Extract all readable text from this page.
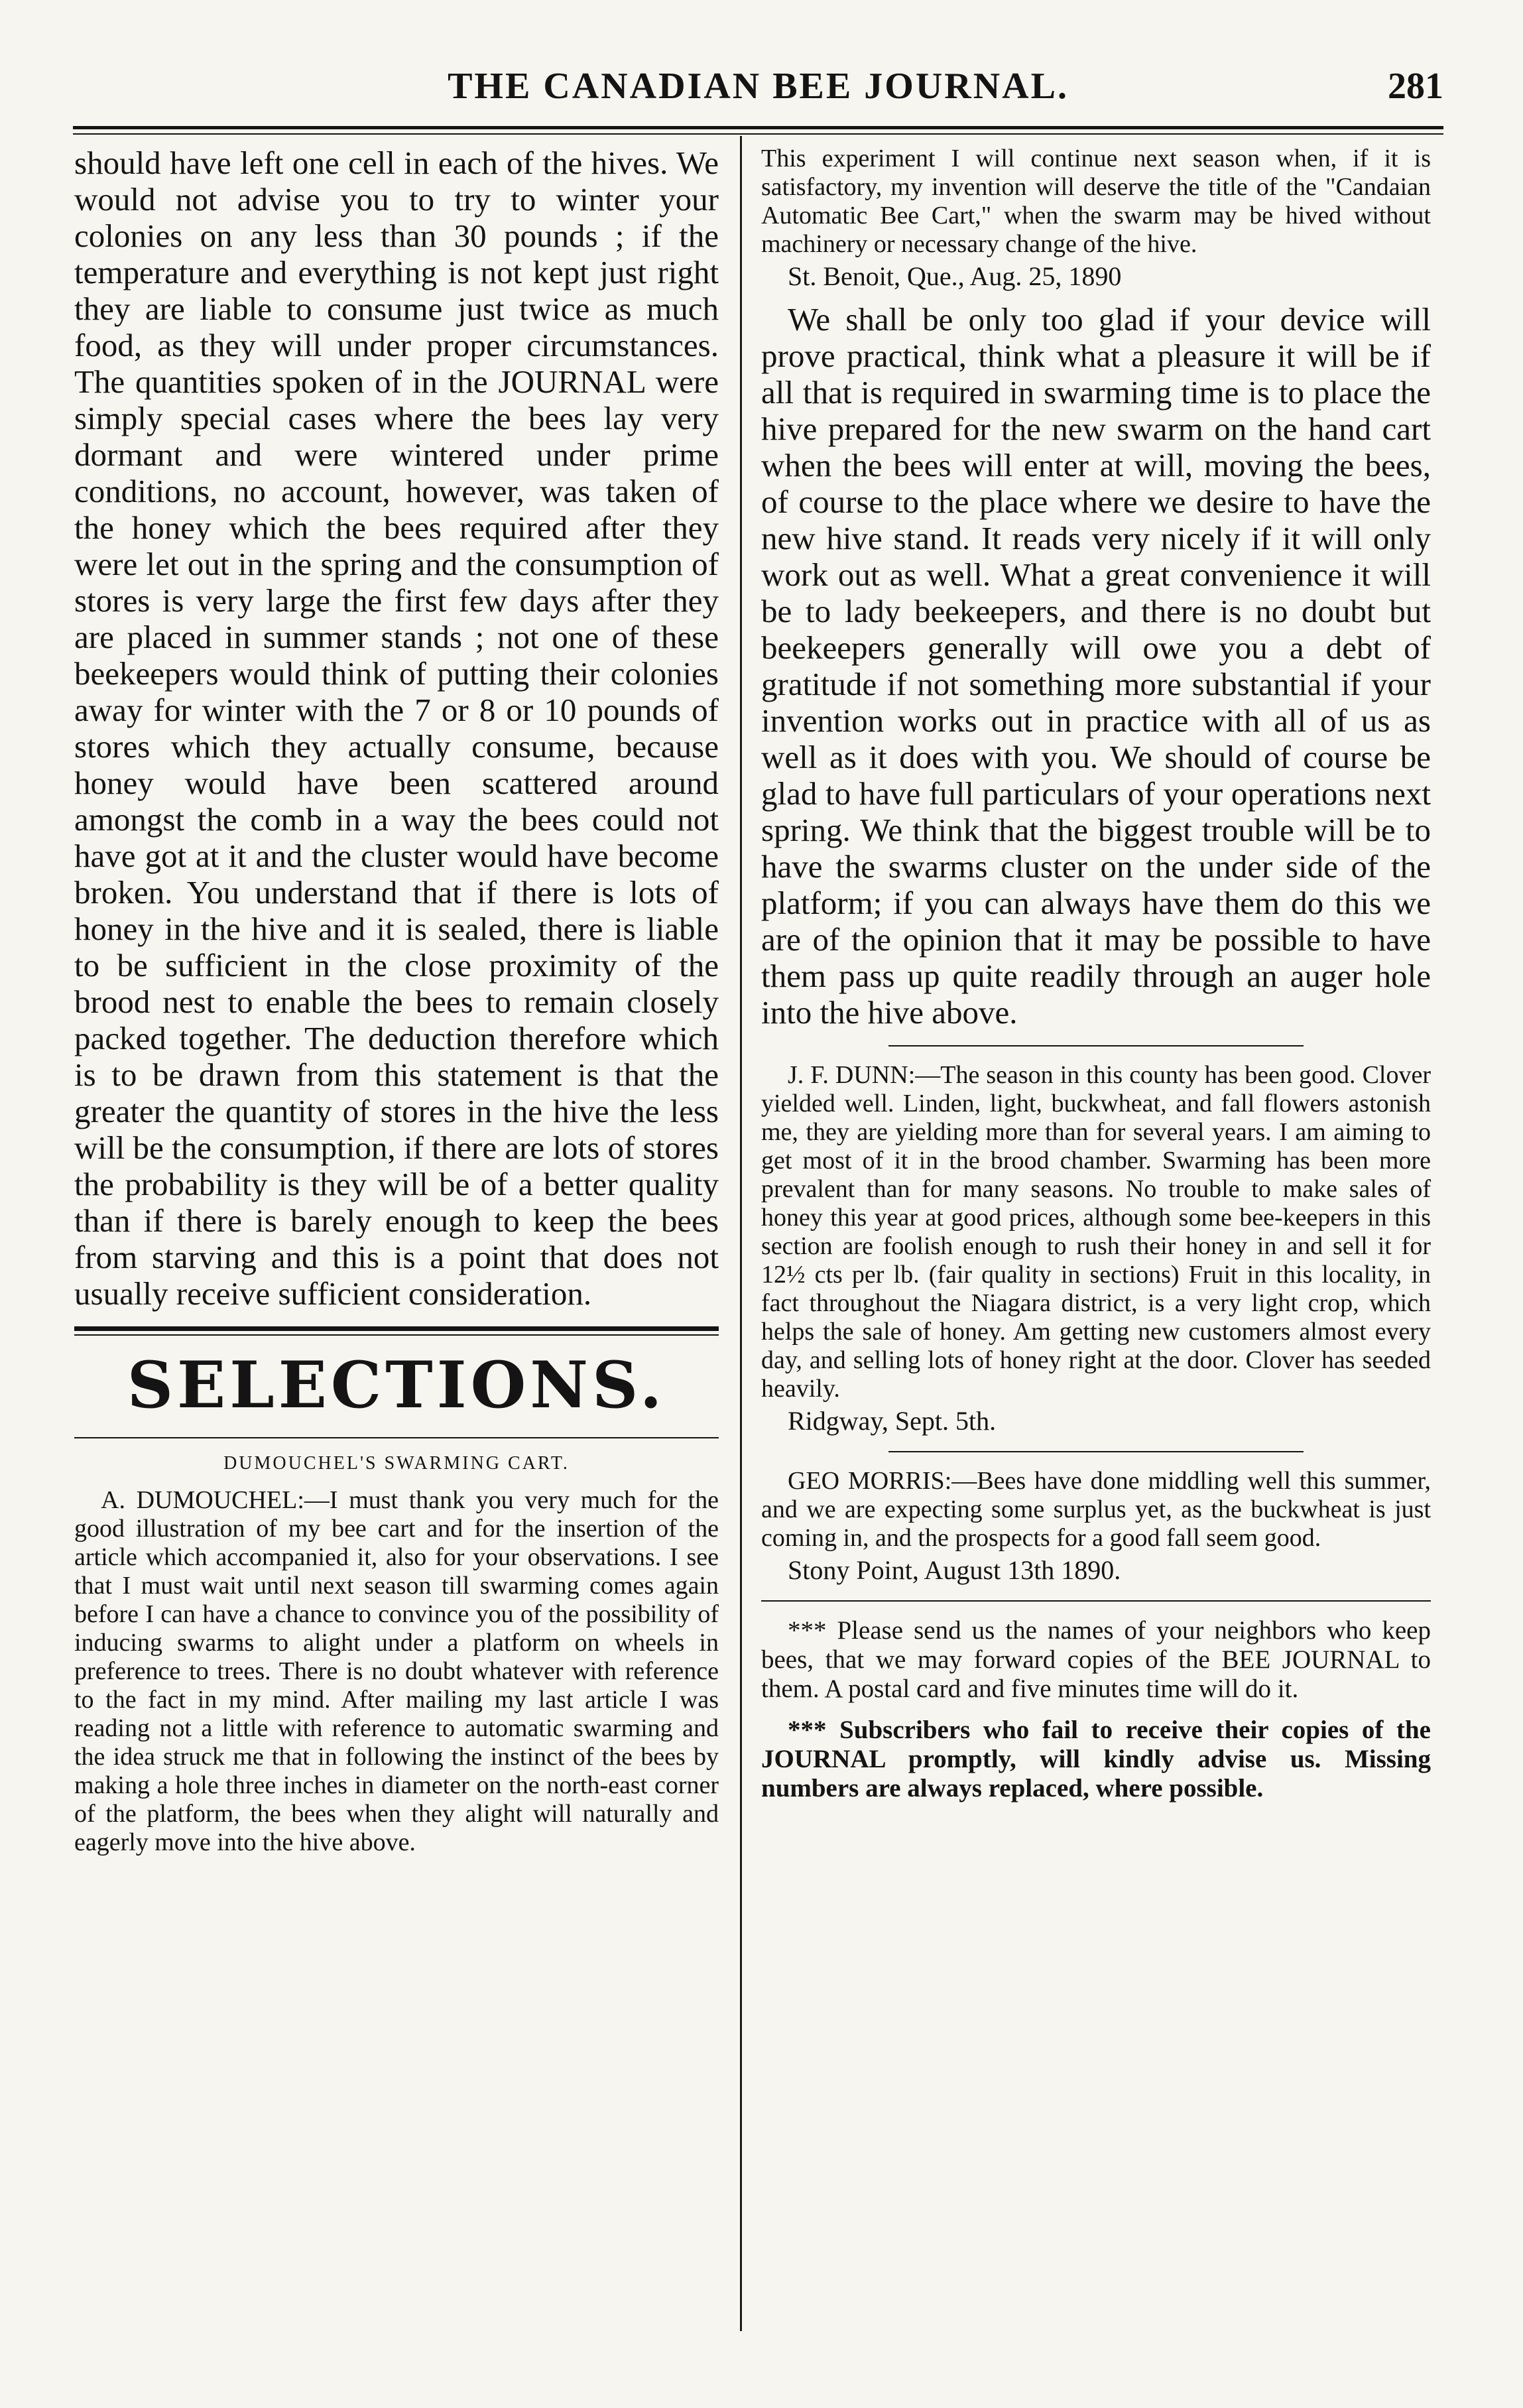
THE CANADIAN BEE JOURNAL.	281

should have left one cell in each of the hives. We would not advise you to try to winter your colonies on any less than 30 pounds ; if the temperature and everything is not kept just right they are liable to consume just twice as much food, as they will under proper circumstances. The quantities spoken of in the JOURNAL were simply special cases where the bees lay very dormant and were wintered under prime conditions, no account, however, was taken of the honey which the bees required after they were let out in the spring and the consumption of stores is very large the first few days after they are placed in summer stands ; not one of these beekeepers would think of putting their colonies away for winter with the 7 or 8 or 10 pounds of stores which they actually consume, because honey would have been scattered around amongst the comb in a way the bees could not have got at it and the cluster would have become broken. You understand that if there is lots of honey in the hive and it is sealed, there is liable to be sufficient in the close proximity of the brood nest to enable the bees to remain closely packed together. The deduction therefore which is to be drawn from this statement is that the greater the quantity of stores in the hive the less will be the consumption, if there are lots of stores the probability is they will be of a better quality than if there is barely enough to keep the bees from starving and this is a point that does not usually receive sufficient consideration.

SELECTIONS.
DUMOUCHEL'S SWARMING CART.

A. DUMOUCHEL:—I must thank you very much for the good illustration of my bee cart and for the insertion of the article which accompanied it, also for your observations. I see that I must wait until next season till swarming comes again before I can have a chance to convince you of the possibility of inducing swarms to alight under a platform on wheels in preference to trees. There is no doubt whatever with reference to the fact in my mind. After mailing my last article I was reading not a little with reference to automatic swarming and the idea struck me that in following the instinct of the bees by making a hole three inches in diameter on the north-east corner of the platform, the bees when they alight will naturally and eagerly move into the hive above.

This experiment I will continue next season when, if it is satisfactory, my invention will deserve the title of the "Candaian Automatic Bee Cart," when the swarm may be hived without machinery or necessary change of the hive.

St. Benoit, Que., Aug. 25, 1890

We shall be only too glad if your device will prove practical, think what a pleasure it will be if all that is required in swarming time is to place the hive prepared for the new swarm on the hand cart when the bees will enter at will, moving the bees, of course to the place where we desire to have the new hive stand. It reads very nicely if it will only work out as well. What a great convenience it will be to lady beekeepers, and there is no doubt but beekeepers generally will owe you a debt of gratitude if not something more substantial if your invention works out in practice with all of us as well as it does with you. We should of course be glad to have full particulars of your operations next spring. We think that the biggest trouble will be to have the swarms cluster on the under side of the platform; if you can always have them do this we are of the opinion that it may be possible to have them pass up quite readily through an auger hole into the hive above.

J. F. DUNN:—The season in this county has been good. Clover yielded well. Linden, light, buckwheat, and fall flowers astonish me, they are yielding more than for several years. I am aiming to get most of it in the brood chamber. Swarming has been more prevalent than for many seasons. No trouble to make sales of honey this year at good prices, although some bee-keepers in this section are foolish enough to rush their honey in and sell it for 12½ cts per lb. (fair quality in sections) Fruit in this locality, in fact throughout the Niagara district, is a very light crop, which helps the sale of honey. Am getting new customers almost every day, and selling lots of honey right at the door. Clover has seeded heavily.

Ridgway, Sept. 5th.

GEO MORRIS:—Bees have done middling well this summer, and we are expecting some surplus yet, as the buckwheat is just coming in, and the prospects for a good fall seem good.

Stony Point, August 13th 1890.

*** Please send us the names of your neighbors who keep bees, that we may forward copies of the BEE JOURNAL to them. A postal card and five minutes time will do it.

*** Subscribers who fail to receive their copies of the JOURNAL promptly, will kindly advise us. Missing numbers are always replaced, where possible.
